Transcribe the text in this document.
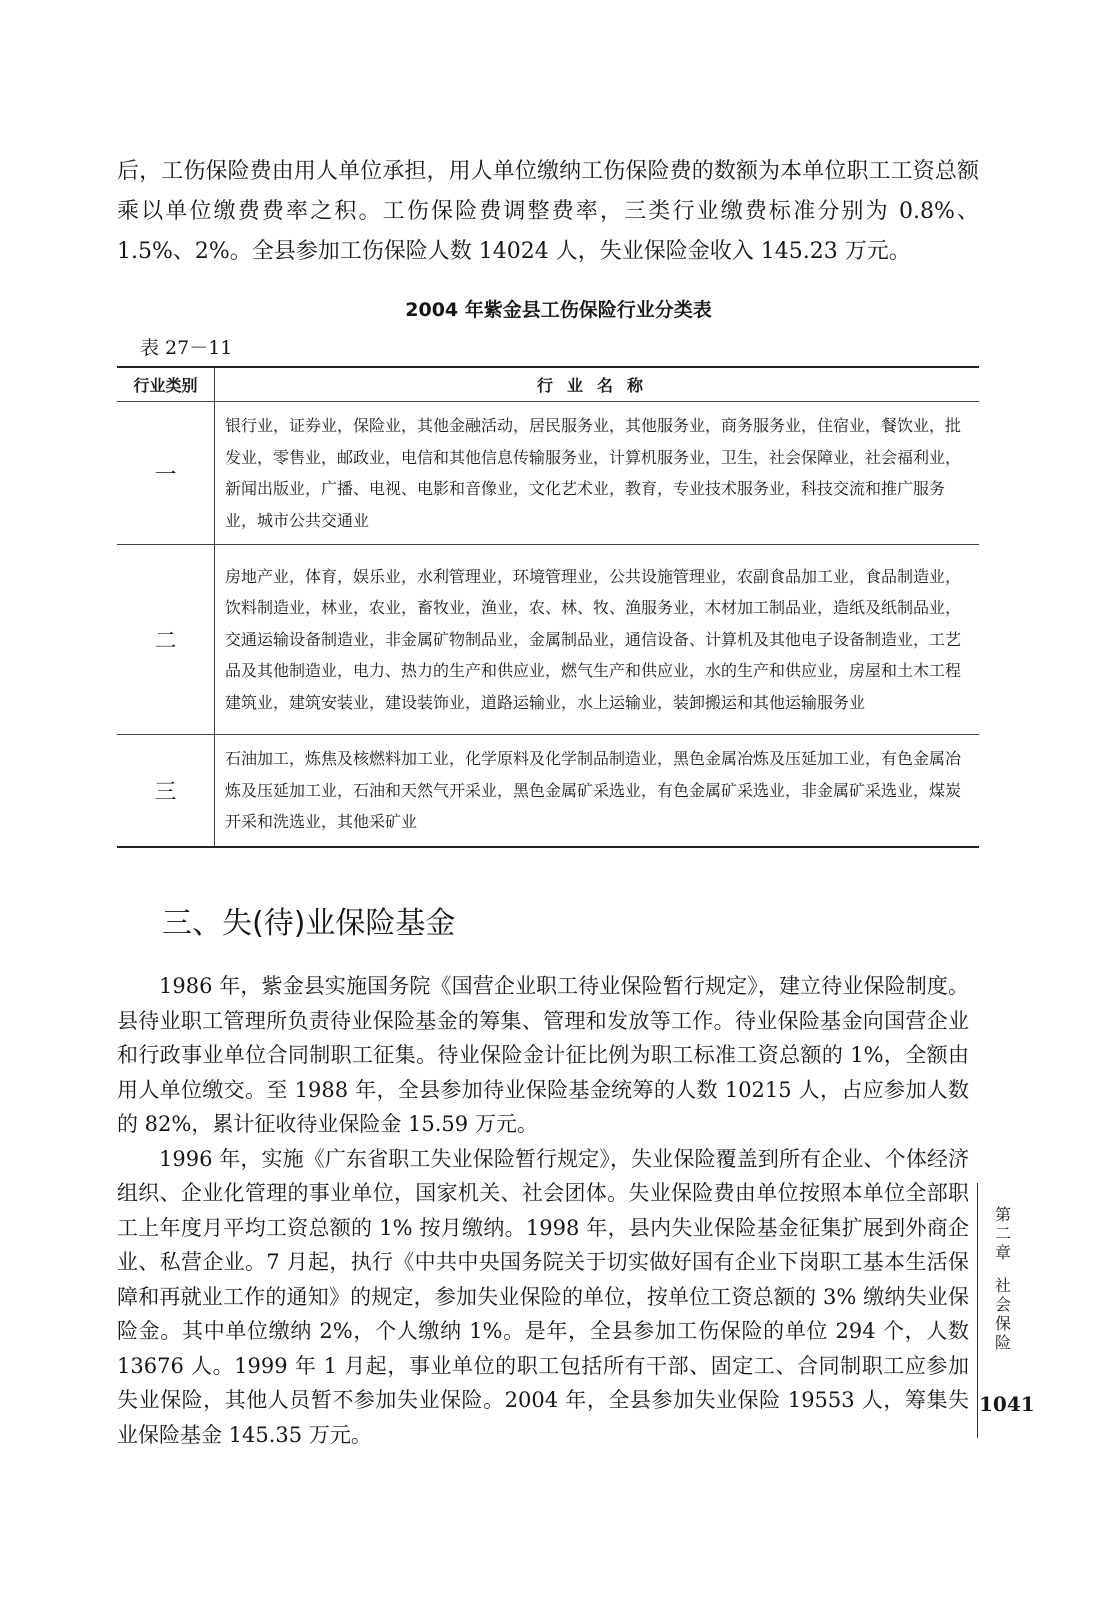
后，工伤保险费由用人单位承担，用人单位缴纳工伤保险费的数额为本单位职工工资总额乘以单位缴费费率之积。工伤保险费调整费率，三类行业缴费标准分别为 0.8%、1.5%、2%。全县参加工伤保险人数 14024 人，失业保险金收入 145.23 万元。

2004 年紫金县工伤保险行业分类表
表 27－11
行业类别	行业名称
一	银行业，证券业，保险业，其他金融活动，居民服务业，其他服务业，商务服务业，住宿业，餐饮业，批发业，零售业，邮政业，电信和其他信息传输服务业，计算机服务业，卫生，社会保障业，社会福利业，新闻出版业，广播、电视、电影和音像业，文化艺术业，教育，专业技术服务业，科技交流和推广服务业，城市公共交通业
二	房地产业，体育，娱乐业，水利管理业，环境管理业，公共设施管理业，农副食品加工业，食品制造业，饮料制造业，林业，农业，畜牧业，渔业，农、林、牧、渔服务业，木材加工制品业，造纸及纸制品业，交通运输设备制造业，非金属矿物制品业，金属制品业，通信设备、计算机及其他电子设备制造业，工艺品及其他制造业，电力、热力的生产和供应业，燃气生产和供应业，水的生产和供应业，房屋和土木工程建筑业，建筑安装业，建设装饰业，道路运输业，水上运输业，装卸搬运和其他运输服务业
三	石油加工，炼焦及核燃料加工业，化学原料及化学制品制造业，黑色金属冶炼及压延加工业，有色金属冶炼及压延加工业，石油和天然气开采业，黑色金属矿采选业，有色金属矿采选业，非金属矿采选业，煤炭开采和洗选业，其他采矿业
三、失(待)业保险基金

1986 年，紫金县实施国务院《国营企业职工待业保险暂行规定》，建立待业保险制度。县待业职工管理所负责待业保险基金的筹集、管理和发放等工作。待业保险基金向国营企业和行政事业单位合同制职工征集。待业保险金计征比例为职工标准工资总额的 1%，全额由用人单位缴交。至 1988 年，全县参加待业保险基金统筹的人数 10215 人，占应参加人数的 82%，累计征收待业保险金 15.59 万元。

1996 年，实施《广东省职工失业保险暂行规定》，失业保险覆盖到所有企业、个体经济组织、企业化管理的事业单位，国家机关、社会团体。失业保险费由单位按照本单位全部职工上年度月平均工资总额的 1% 按月缴纳。1998 年，县内失业保险基金征集扩展到外商企业、私营企业。7 月起，执行《中共中央国务院关于切实做好国有企业下岗职工基本生活保障和再就业工作的通知》的规定，参加失业保险的单位，按单位工资总额的 3% 缴纳失业保险金。其中单位缴纳 2%，个人缴纳 1%。是年，全县参加工伤保险的单位 294 个，人数 13676 人。1999 年 1 月起，事业单位的职工包括所有干部、固定工、合同制职工应参加失业保险，其他人员暂不参加失业保险。2004 年，全县参加失业保险 19553 人，筹集失业保险基金 145.35 万元。

第
二
章
社
会
保
险
1041
